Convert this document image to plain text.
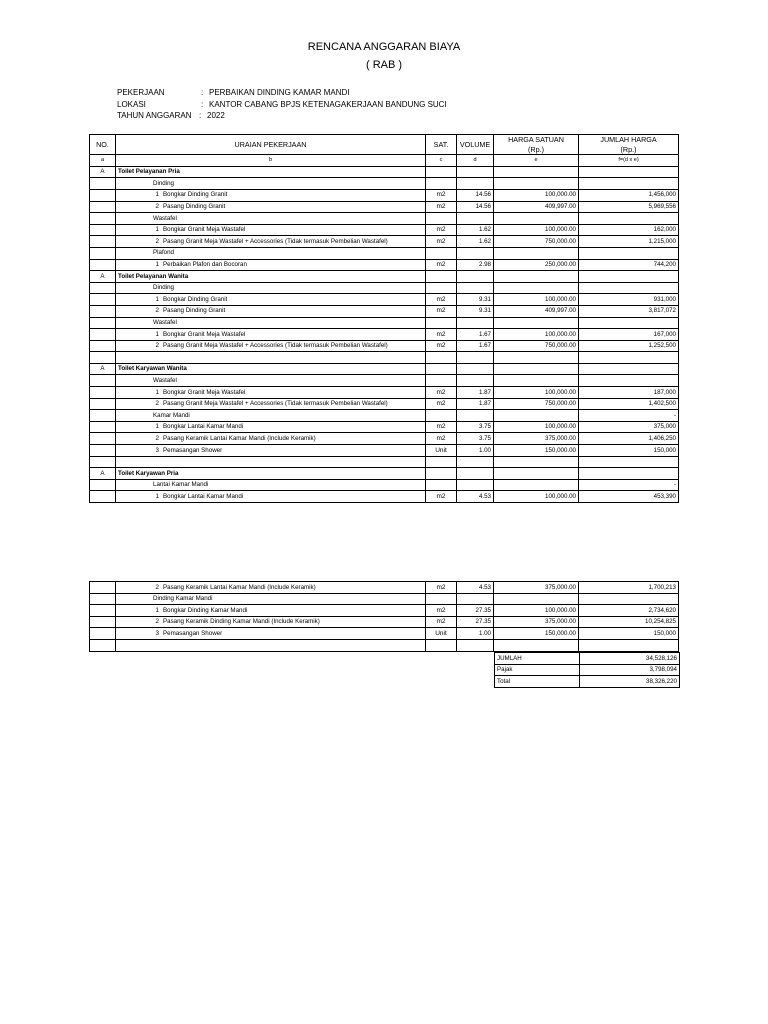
RENCANA ANGGARAN BIAYA
( RAB )
PEKERJAAN	: PERBAIKAN DINDING KAMAR MANDI
LOKASI	: KANTOR CABANG BPJS KETENAGAKERJAAN BANDUNG SUCI
TAHUN ANGGARAN : 2022
NO.	URAIAN PEKERJAAN	SAT.	VOLUME	HARGA SATUAN
(Rp.)	JUMLAH HARGA
(Rp.)
a	b	c	d	e	f=(d x e)
A	Toilet Pelayanan Pria				
	Dinding				
	1 Bongkar Dinding Granit	m2	14.56	100,000.00	1,456,000
	2 Pasang Dinding Granit	m2	14.56	409,997.00	5,969,556
	Wastafel				
	1 Bongkar Granit Meja Wastafel	m2	1.62	100,000.00	162,000
	2 Pasang Granit Meja Wastafel + Accessories (Tidak termasuk Pembelian Wastafel)	m2	1.62	750,000.00	1,215,000
	Plafond				
	1 Perbaikan Plafon dan Bocoran	m2	2.98	250,000.00	744,200
A	Toilet Pelayanan Wanita				
	Dinding				
	1 Bongkar Dinding Granit	m2	9.31	100,000.00	931,000
	2 Pasang Dinding Granit	m2	9.31	409,997.00	3,817,072
	Wastafel				
	1 Bongkar Granit Meja Wastafel	m2	1.67	100,000.00	167,000
	2 Pasang Granit Meja Wastafel + Accessories (Tidak termasuk Pembelian Wastafel)	m2	1.67	750,000.00	1,252,500

A	Toilet Karyawan Wanita				
	Wastafel				
	1 Bongkar Granit Meja Wastafel	m2	1.87	100,000.00	187,000
	2 Pasang Granit Meja Wastafel + Accessories (Tidak termasuk Pembelian Wastafel)	m2	1.87	750,000.00	1,402,500
	Kamar Mandi				-
	1 Bongkar Lantai Kamar Mandi	m2	3.75	100,000.00	375,000
	2 Pasang Keramik Lantai Kamar Mandi (Include Keramik)	m2	3.75	375,000.00	1,406,250
	3 Pemasangan Shower	Unit	1.00	150,000.00	150,000

A	Toilet Karyawan Pria				
	Lantai Kamar Mandi				-
	1 Bongkar Lantai Kamar Mandi	m2	4.53	100,000.00	453,390
	2 Pasang Keramik Lantai Kamar Mandi (Include Keramik)	m2	4.53	375,000.00	1,700,213
	Dinding Kamar Mandi				
	1 Bongkar Dinding Kamar Mandi	m2	27.35	100,000.00	2,734,620
	2 Pasang Keramik Dinding Kamar Mandi (Include Keramik)	m2	27.35	375,000.00	10,254,825
	3 Pemasangan Shower	Unit	1.00	150,000.00	150,000

JUMLAH	34,528,126
Pajak	3,798,094
Total	38,326,220
